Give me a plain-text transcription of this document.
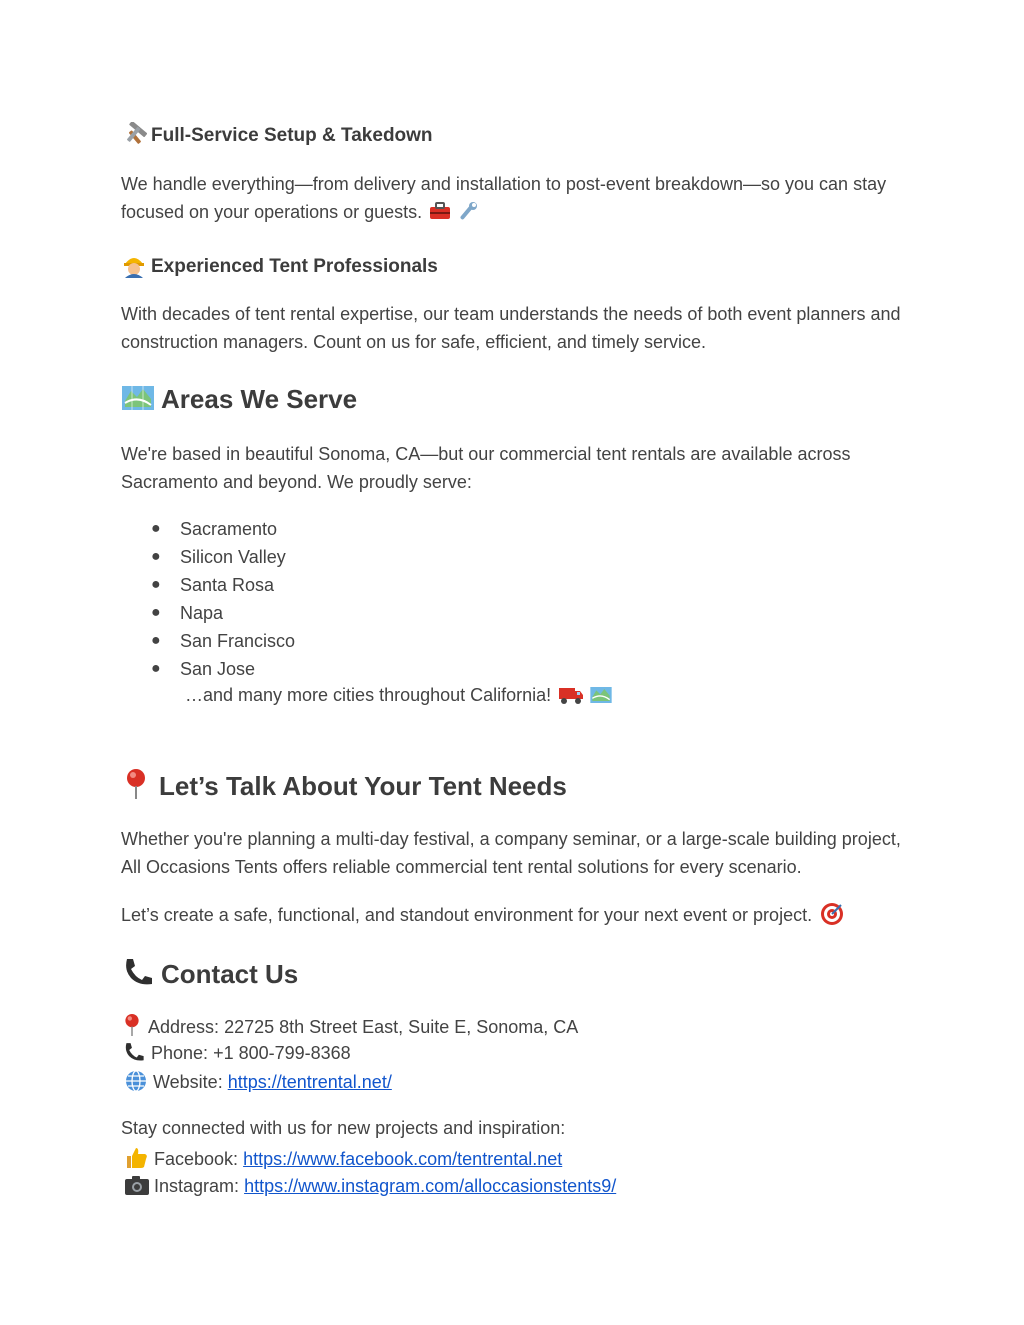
Full-Service Setup & Takedown
We handle everything—from delivery and installation to post-event breakdown—so you can stay focused on your operations or guests.
Experienced Tent Professionals
With decades of tent rental expertise, our team understands the needs of both event planners and construction managers. Count on us for safe, efficient, and timely service.
Areas We Serve
We're based in beautiful Sonoma, CA—but our commercial tent rentals are available across Sacramento and beyond. We proudly serve:
● Sacramento
● Silicon Valley
● Santa Rosa
● Napa
● San Francisco
● San Jose
…and many more cities throughout California!
Let’s Talk About Your Tent Needs
Whether you're planning a multi-day festival, a company seminar, or a large-scale building project, All Occasions Tents offers reliable commercial tent rental solutions for every scenario.
Let’s create a safe, functional, and standout environment for your next event or project.
Contact Us
Address: 22725 8th Street East, Suite E, Sonoma, CA
Phone: +1 800-799-8368
Website: https://tentrental.net/
Stay connected with us for new projects and inspiration:
Facebook: https://www.facebook.com/tentrental.net
Instagram: https://www.instagram.com/alloccasionstents9/
